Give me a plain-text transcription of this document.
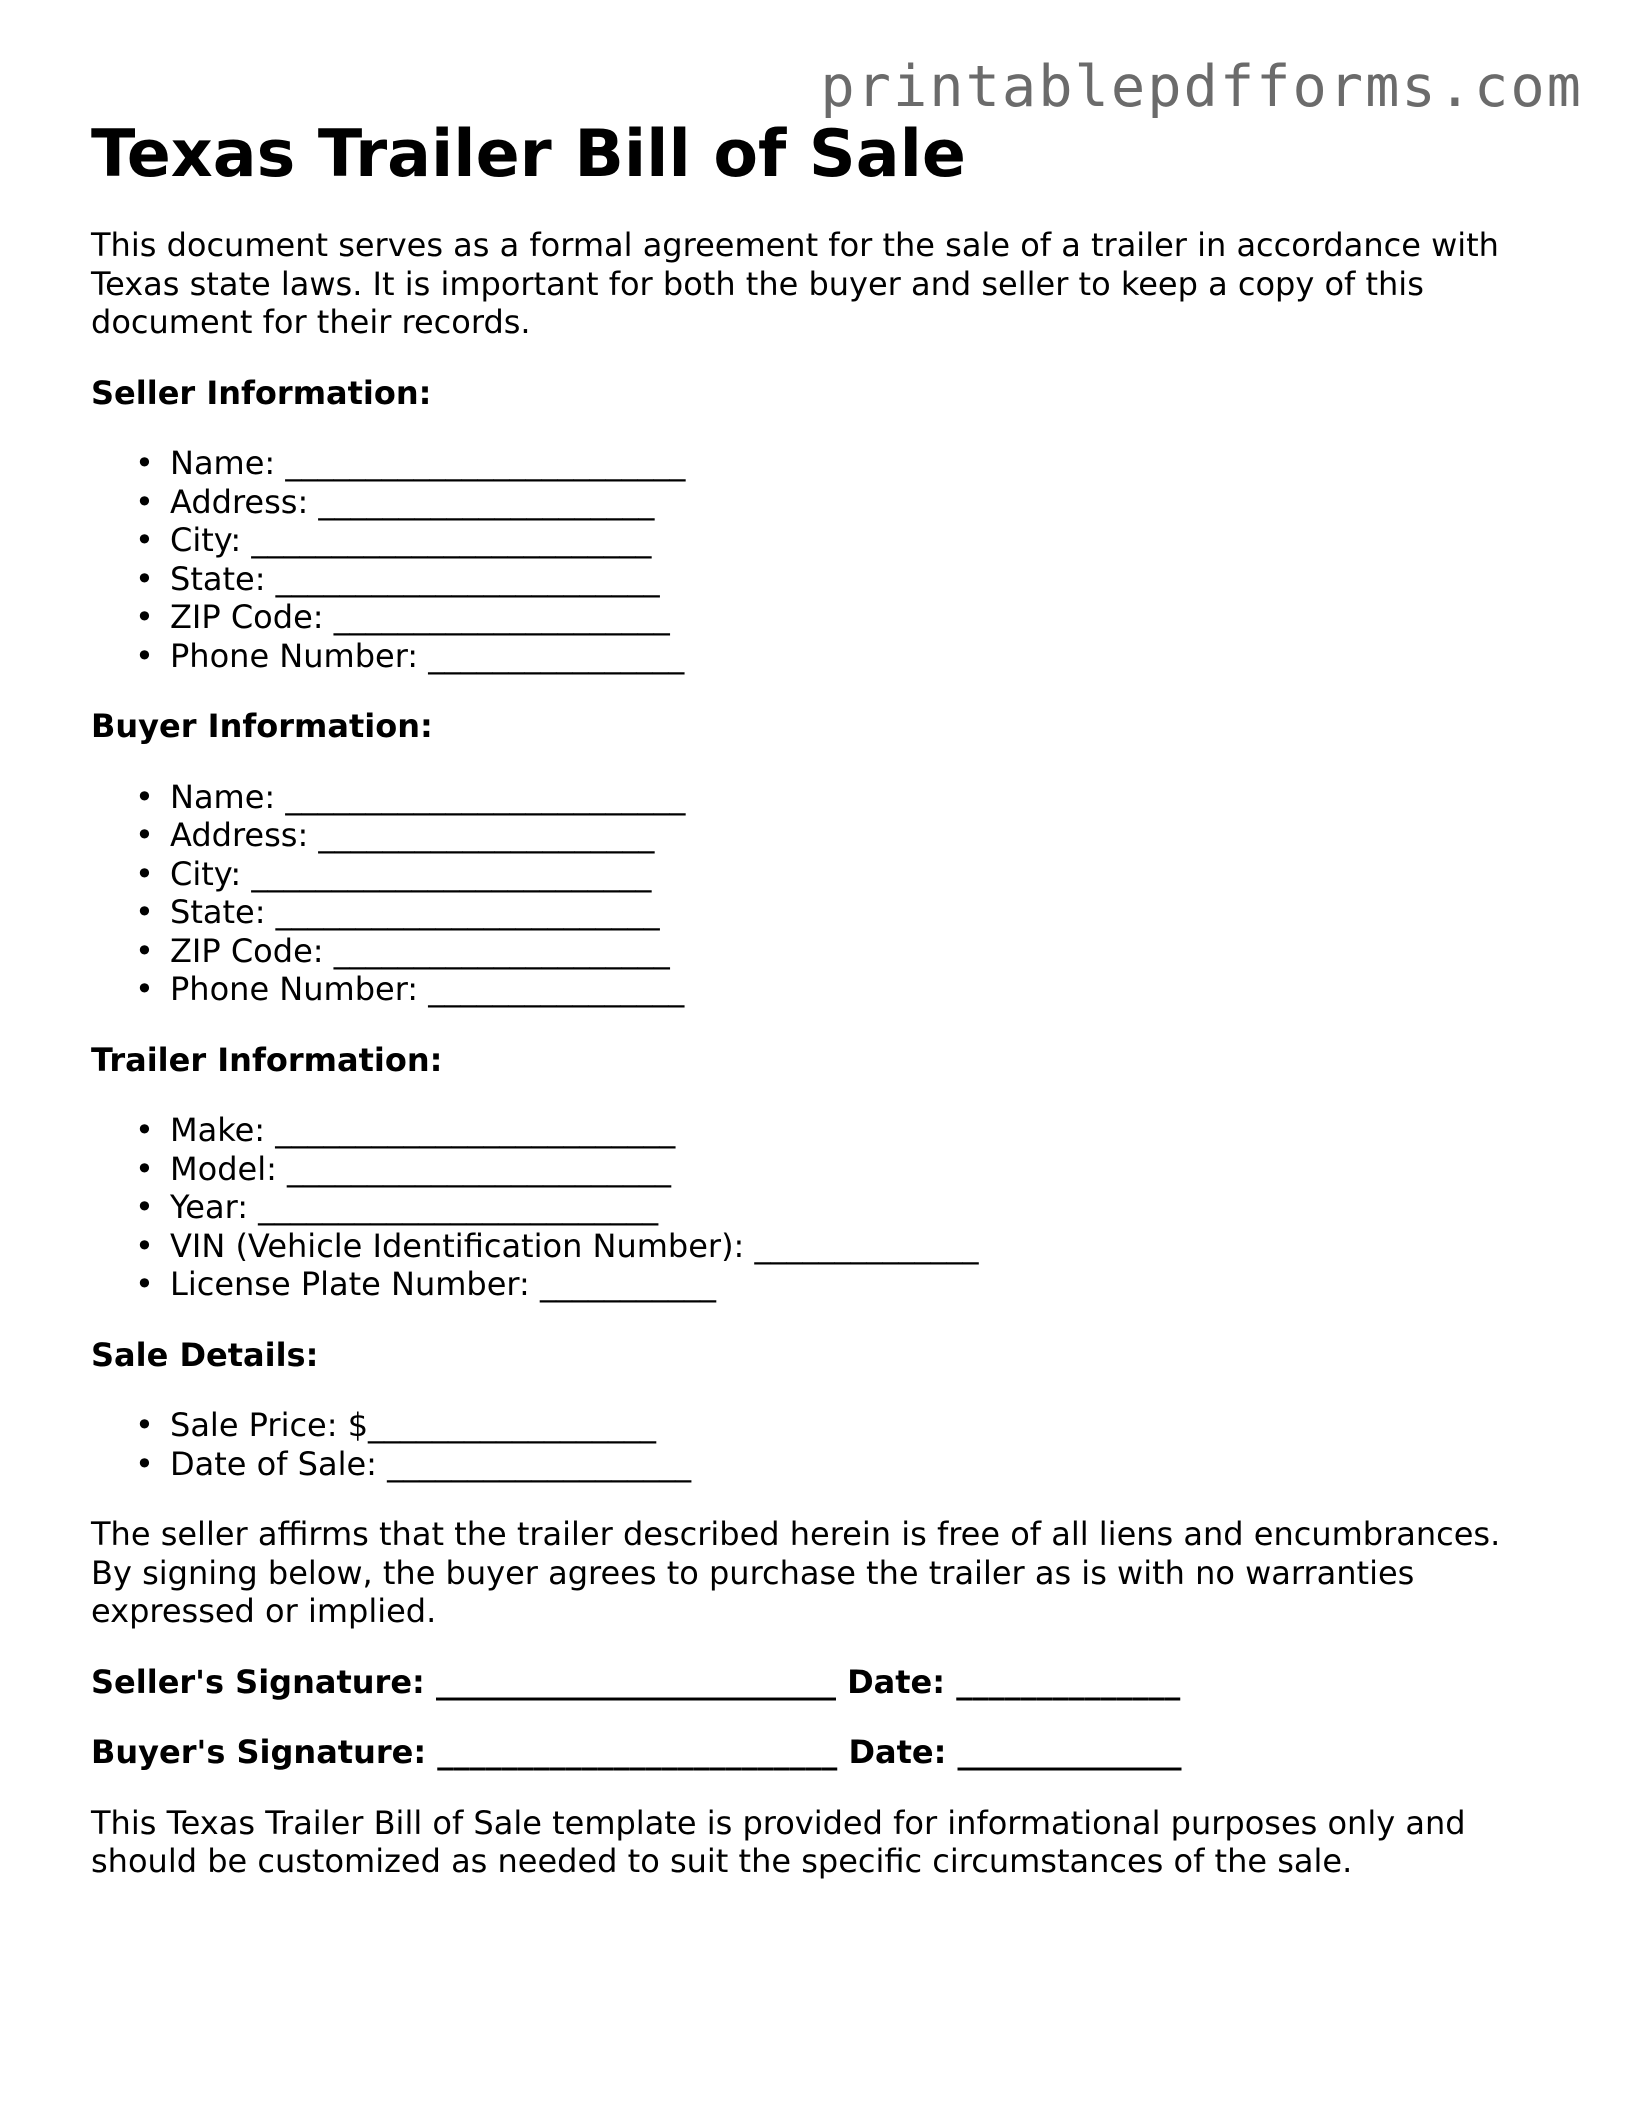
printablepdfforms.com
Texas Trailer Bill of Sale

This document serves as a formal agreement for the sale of a trailer in accordance with Texas state laws. It is important for both the buyer and seller to keep a copy of this document for their records.

Seller Information:
• Name: _________________________
• Address: _____________________
• City: _________________________
• State: ________________________
• ZIP Code: _____________________
• Phone Number: ________________
Buyer Information:
• Name: _________________________
• Address: _____________________
• City: _________________________
• State: ________________________
• ZIP Code: _____________________
• Phone Number: ________________
Trailer Information:
• Make: _________________________
• Model: ________________________
• Year: _________________________
• VIN (Vehicle Identification Number): ______________
• License Plate Number: ___________
Sale Details:
• Sale Price: $__________________
• Date of Sale: ___________________

The seller affirms that the trailer described herein is free of all liens and encumbrances. By signing below, the buyer agrees to purchase the trailer as is with no warranties expressed or implied.

Seller's Signature: _________________________ Date: ______________
Buyer's Signature: _________________________ Date: ______________

This Texas Trailer Bill of Sale template is provided for informational purposes only and should be customized as needed to suit the specific circumstances of the sale.
